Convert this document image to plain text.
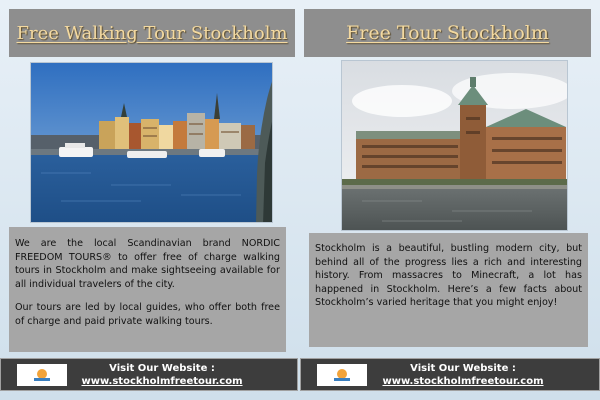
Free Walking Tour Stockholm	Free Tour Stockholm

We are the local Scandinavian brand NORDIC FREEDOM TOURS® to offer free of charge walking tours in Stockholm and make sightseeing available for all individual travelers of the city.

Our tours are led by local guides, who offer both free of charge and paid private walking tours.

Stockholm is a beautiful, bustling modern city, but behind all of the progress lies a rich and interesting history. From massacres to Minecraft, a lot has happened in Stockholm. Here’s a few facts about Stockholm’s varied heritage that you might enjoy!

Visit Our Website :
www.stockholmfreetour.com
Visit Our Website :
www.stockholmfreetour.com
